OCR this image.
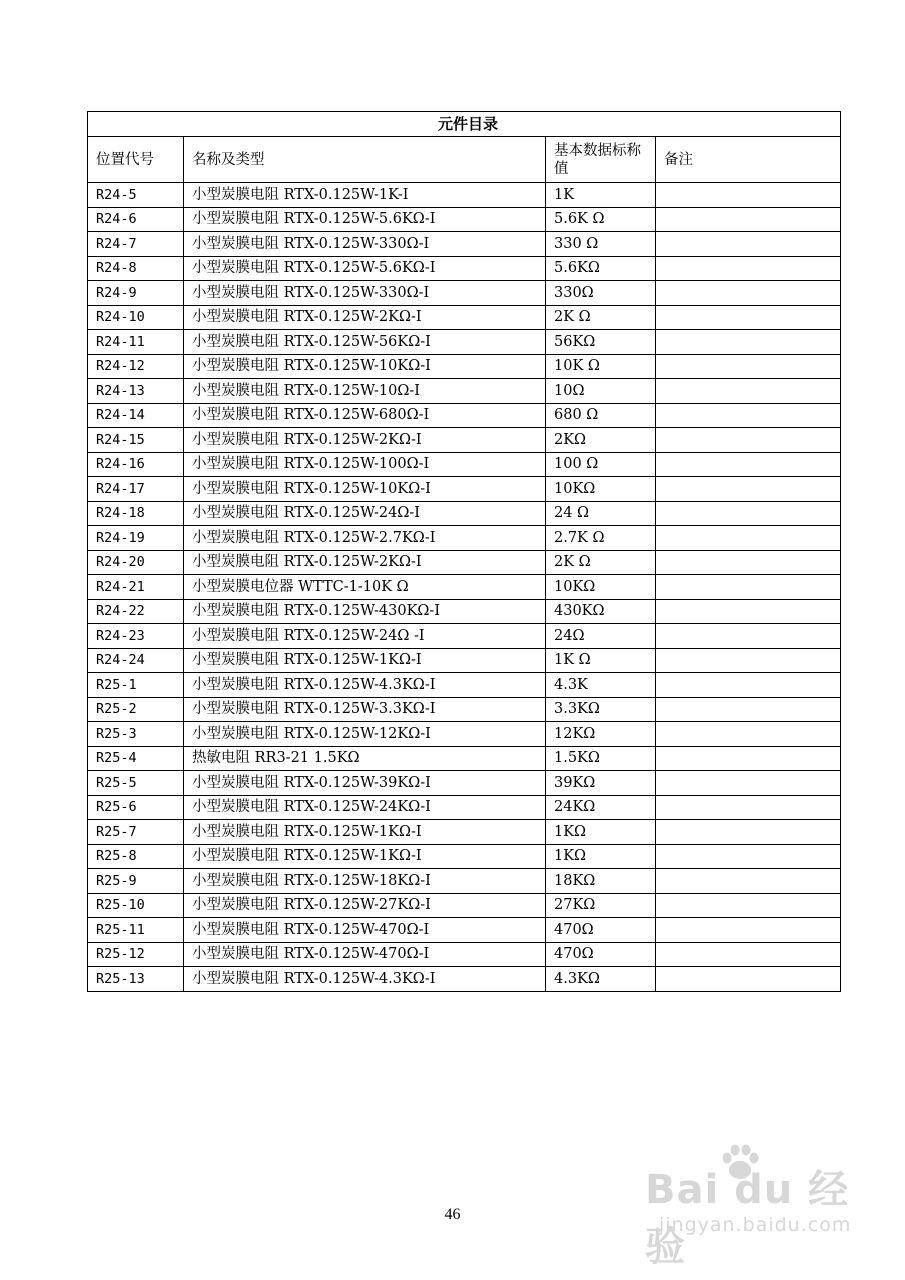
元件目录			
位置代号	名称及类型	基本数据标称值	备注
R24-5	小型炭膜电阻 RTX-0.125W-1K-I	1K	
R24-6	小型炭膜电阻 RTX-0.125W-5.6KΩ-I	5.6K Ω	
R24-7	小型炭膜电阻 RTX-0.125W-330Ω-I	330 Ω	
R24-8	小型炭膜电阻 RTX-0.125W-5.6KΩ-I	5.6KΩ	
R24-9	小型炭膜电阻 RTX-0.125W-330Ω-I	330Ω	
R24-10	小型炭膜电阻 RTX-0.125W-2KΩ-I	2K Ω	
R24-11	小型炭膜电阻 RTX-0.125W-56KΩ-I	56KΩ	
R24-12	小型炭膜电阻 RTX-0.125W-10KΩ-I	10K Ω	
R24-13	小型炭膜电阻 RTX-0.125W-10Ω-I	10Ω	
R24-14	小型炭膜电阻 RTX-0.125W-680Ω-I	680 Ω	
R24-15	小型炭膜电阻 RTX-0.125W-2KΩ-I	2KΩ	
R24-16	小型炭膜电阻 RTX-0.125W-100Ω-I	100 Ω	
R24-17	小型炭膜电阻 RTX-0.125W-10KΩ-I	10KΩ	
R24-18	小型炭膜电阻 RTX-0.125W-24Ω-I	24 Ω	
R24-19	小型炭膜电阻 RTX-0.125W-2.7KΩ-I	2.7K Ω	
R24-20	小型炭膜电阻 RTX-0.125W-2KΩ-I	2K Ω	
R24-21	小型炭膜电位器 WTTC-1-10K Ω	10KΩ	
R24-22	小型炭膜电阻 RTX-0.125W-430KΩ-I	430KΩ	
R24-23	小型炭膜电阻 RTX-0.125W-24Ω -I	24Ω	
R24-24	小型炭膜电阻 RTX-0.125W-1KΩ-I	1K Ω	
R25-1	小型炭膜电阻 RTX-0.125W-4.3KΩ-I	4.3K	
R25-2	小型炭膜电阻 RTX-0.125W-3.3KΩ-I	3.3KΩ	
R25-3	小型炭膜电阻 RTX-0.125W-12KΩ-I	12KΩ	
R25-4	热敏电阻 RR3-21 1.5KΩ	1.5KΩ	
R25-5	小型炭膜电阻 RTX-0.125W-39KΩ-I	39KΩ	
R25-6	小型炭膜电阻 RTX-0.125W-24KΩ-I	24KΩ	
R25-7	小型炭膜电阻 RTX-0.125W-1KΩ-I	1KΩ	
R25-8	小型炭膜电阻 RTX-0.125W-1KΩ-I	1KΩ	
R25-9	小型炭膜电阻 RTX-0.125W-18KΩ-I	18KΩ	
R25-10	小型炭膜电阻 RTX-0.125W-27KΩ-I	27KΩ	
R25-11	小型炭膜电阻 RTX-0.125W-470Ω-I	470Ω	
R25-12	小型炭膜电阻 RTX-0.125W-470Ω-I	470Ω	
R25-13	小型炭膜电阻 RTX-0.125W-4.3KΩ-I	4.3KΩ	
46
Bai du 经验
jingyan.baidu.com
